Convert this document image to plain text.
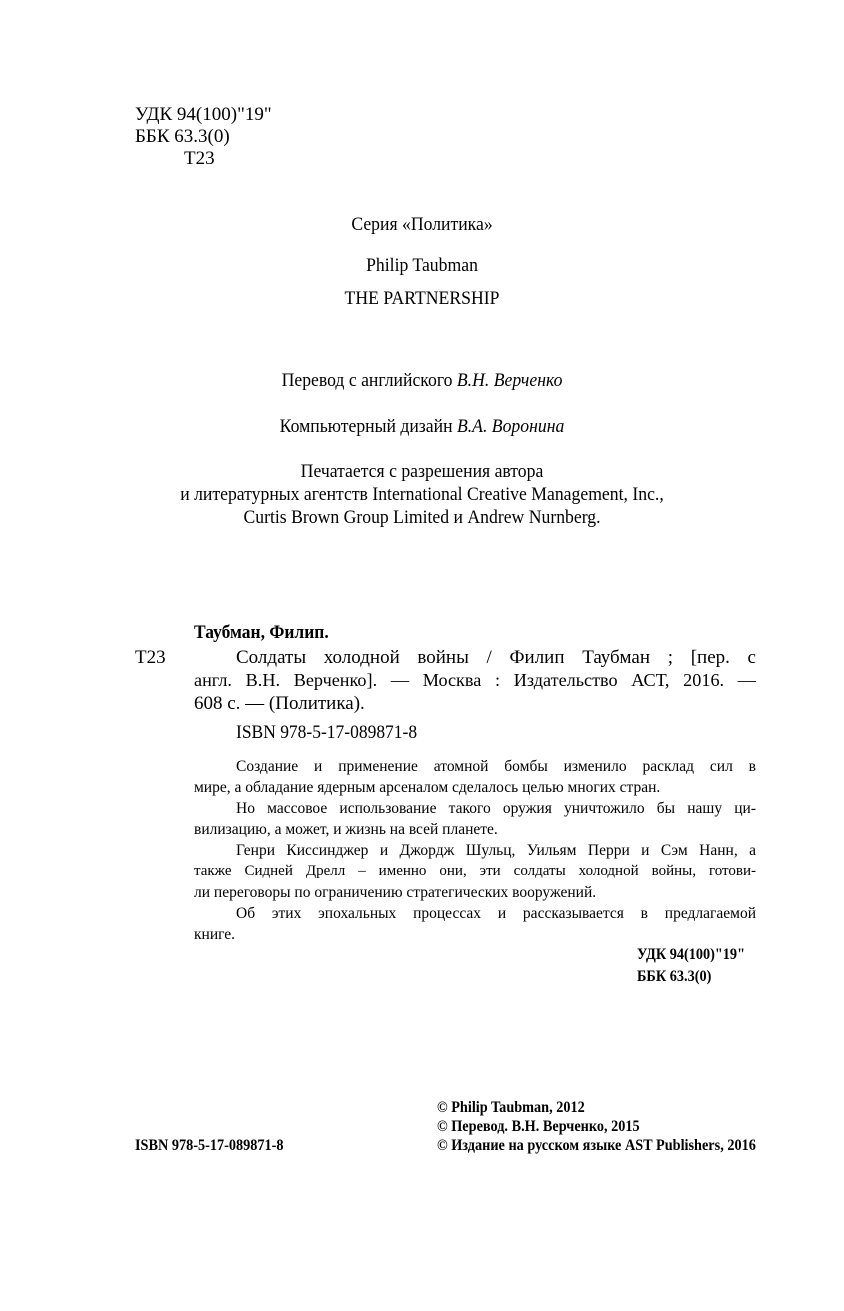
УДК 94(100)"19"
ББК 63.3(0)
Т23
Серия «Политика»
Philip Taubman
THE PARTNERSHIP
Перевод с английского В.Н. Верченко
Компьютерный дизайн В.А. Воронина
Печатается с разрешения автора
и литературных агентств International Creative Management, Inc.,
Curtis Brown Group Limited и Andrew Nurnberg.
Таубман, Филип.
Т23	Солдаты холодной войны / Филип Таубман ; [пер. с
англ. В.Н. Верченко]. — Москва : Издательство АСТ, 2016. —
608 с. — (Политика).
ISBN 978-5-17-089871-8
Создание и применение атомной бомбы изменило расклад сил в
мире, а обладание ядерным арсеналом сделалось целью многих стран.
Но массовое использование такого оружия уничтожило бы нашу ци-
вилизацию, а может, и жизнь на всей планете.
Генри Киссинджер и Джордж Шульц, Уильям Перри и Сэм Нанн, а
также Сидней Дрелл – именно они, эти солдаты холодной войны, готови-
ли переговоры по ограничению стратегических вооружений.
Об этих эпохальных процессах и рассказывается в предлагаемой
книге.
УДК 94(100)"19"
ББК 63.3(0)
© Philip Taubman, 2012
© Перевод. В.Н. Верченко, 2015
© Издание на русском языке AST Publishers, 2016
ISBN 978-5-17-089871-8
